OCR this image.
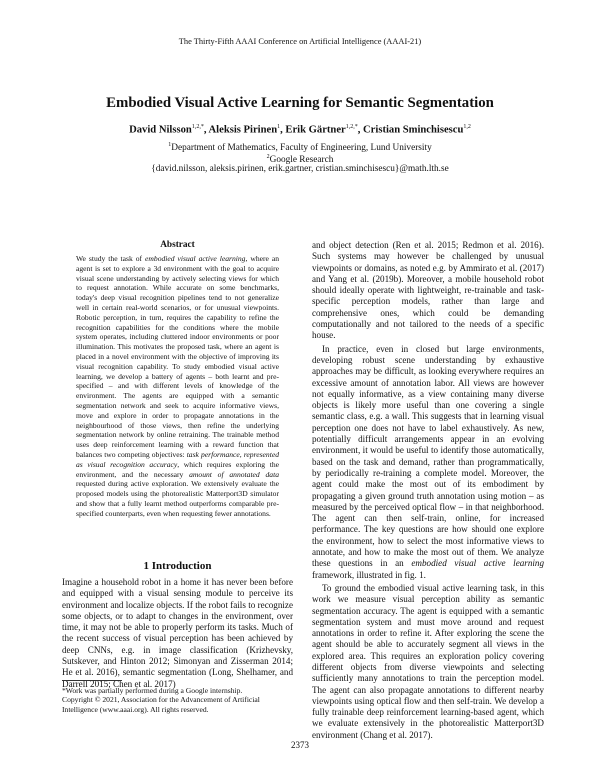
The Thirty-Fifth AAAI Conference on Artificial Intelligence (AAAI-21)
Embodied Visual Active Learning for Semantic Segmentation
David Nilsson$^{1,2,*}$, Aleksis Pirinen$^1$, Erik Gärtner$^{1,2,*}$, Cristian Sminchisescu$^{1,2}$
$^1$Department of Mathematics, Faculty of Engineering, Lund University
$^2$Google Research
{david.nilsson, aleksis.pirinen, erik.gartner, cristian.sminchisescu}@math.lth.se
Abstract
We study the task of embodied visual active learning, where an agent is set to explore a 3d environment with the goal to acquire visual scene understanding by actively selecting views for which to request annotation. While accurate on some benchmarks, today's deep visual recognition pipelines tend to not generalize well in certain real-world scenarios, or for unusual viewpoints. Robotic perception, in turn, requires the capability to refine the recognition capabilities for the conditions where the mobile system operates, including cluttered indoor environments or poor illumination. This motivates the proposed task, where an agent is placed in a novel environment with the objective of improving its visual recognition capability. To study embodied visual active learning, we develop a battery of agents – both learnt and pre-specified – and with different levels of knowledge of the environment. The agents are equipped with a semantic segmentation network and seek to acquire informative views, move and explore in order to propagate annotations in the neighbourhood of those views, then refine the underlying segmentation network by online retraining. The trainable method uses deep reinforcement learning with a reward function that balances two competing objectives: task performance, represented as visual recognition accuracy, which requires exploring the environment, and the necessary amount of annotated data requested during active exploration. We extensively evaluate the proposed models using the photorealistic Matterport3D simulator and show that a fully learnt method outperforms comparable pre-specified counterparts, even when requesting fewer annotations.
1 Introduction
Imagine a household robot in a home it has never been before and equipped with a visual sensing module to perceive its environment and localize objects. If the robot fails to recognize some objects, or to adapt to changes in the environment, over time, it may not be able to properly perform its tasks. Much of the recent success of visual perception has been achieved by deep CNNs, e.g. in image classification (Krizhevsky, Sutskever, and Hinton 2012; Simonyan and Zisserman 2014; He et al. 2016), semantic segmentation (Long, Shelhamer, and Darrell 2015; Chen et al. 2017)
*Work was partially performed during a Google internship.
Copyright © 2021, Association for the Advancement of Artificial Intelligence (www.aaai.org). All rights reserved.

and object detection (Ren et al. 2015; Redmon et al. 2016). Such systems may however be challenged by unusual viewpoints or domains, as noted e.g. by Ammirato et al. (2017) and Yang et al. (2019b). Moreover, a mobile household robot should ideally operate with lightweight, re-trainable and task-specific perception models, rather than large and comprehensive ones, which could be demanding computationally and not tailored to the needs of a specific house.

In practice, even in closed but large environments, developing robust scene understanding by exhaustive approaches may be difficult, as looking everywhere requires an excessive amount of annotation labor. All views are however not equally informative, as a view containing many diverse objects is likely more useful than one covering a single semantic class, e.g. a wall. This suggests that in learning visual perception one does not have to label exhaustively. As new, potentially difficult arrangements appear in an evolving environment, it would be useful to identify those automatically, based on the task and demand, rather than programmatically, by periodically re-training a complete model. Moreover, the agent could make the most out of its embodiment by propagating a given ground truth annotation using motion – as measured by the perceived optical flow – in that neighborhood. The agent can then self-train, online, for increased performance. The key questions are how should one explore the environment, how to select the most informative views to annotate, and how to make the most out of them. We analyze these questions in an embodied visual active learning framework, illustrated in fig. 1.

To ground the embodied visual active learning task, in this work we measure visual perception ability as semantic segmentation accuracy. The agent is equipped with a semantic segmentation system and must move around and request annotations in order to refine it. After exploring the scene the agent should be able to accurately segment all views in the explored area. This requires an exploration policy covering different objects from diverse viewpoints and selecting sufficiently many annotations to train the perception model. The agent can also propagate annotations to different nearby viewpoints using optical flow and then self-train. We develop a fully trainable deep reinforcement learning-based agent, which we evaluate extensively in the photorealistic Matterport3D environment (Chang et al. 2017).

2373
